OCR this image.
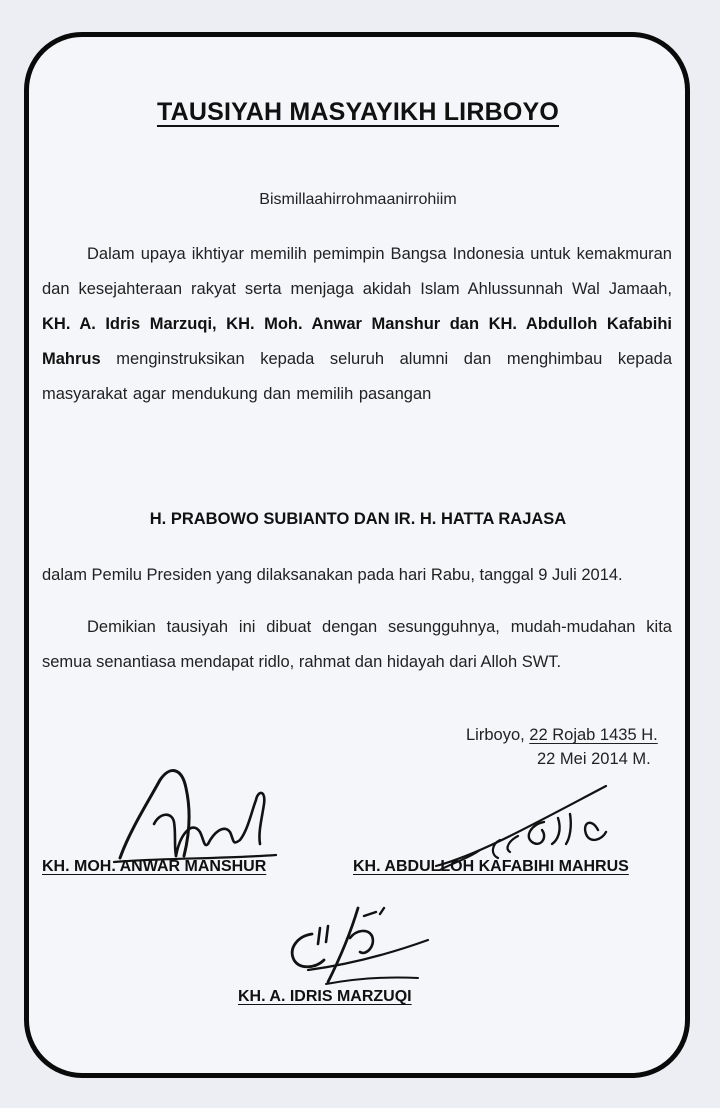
TAUSIYAH MASYAYIKH LIRBOYO
Bismillaahirrohmaanirrohiim
Dalam upaya ikhtiyar memilih pemimpin Bangsa Indonesia untuk kemakmuran dan kesejahteraan rakyat serta menjaga akidah Islam Ahlussunnah Wal Jamaah, KH. A. Idris Marzuqi, KH. Moh. Anwar Manshur dan KH. Abdulloh Kafabihi Mahrus menginstruksikan kepada seluruh alumni dan menghimbau kepada masyarakat agar mendukung dan memilih pasangan
H. PRABOWO SUBIANTO DAN IR. H. HATTA RAJASA
dalam Pemilu Presiden yang dilaksanakan pada hari Rabu, tanggal 9 Juli 2014.
Demikian tausiyah ini dibuat dengan sesungguhnya, mudah-mudahan kita semua senantiasa mendapat ridlo, rahmat dan hidayah dari Alloh SWT.
Lirboyo, 22 Rojab 1435 H.
22 Mei 2014 M.
KH. MOH. ANWAR MANSHUR	KH. ABDULLOH KAFABIHI MAHRUS
KH. A. IDRIS MARZUQI
